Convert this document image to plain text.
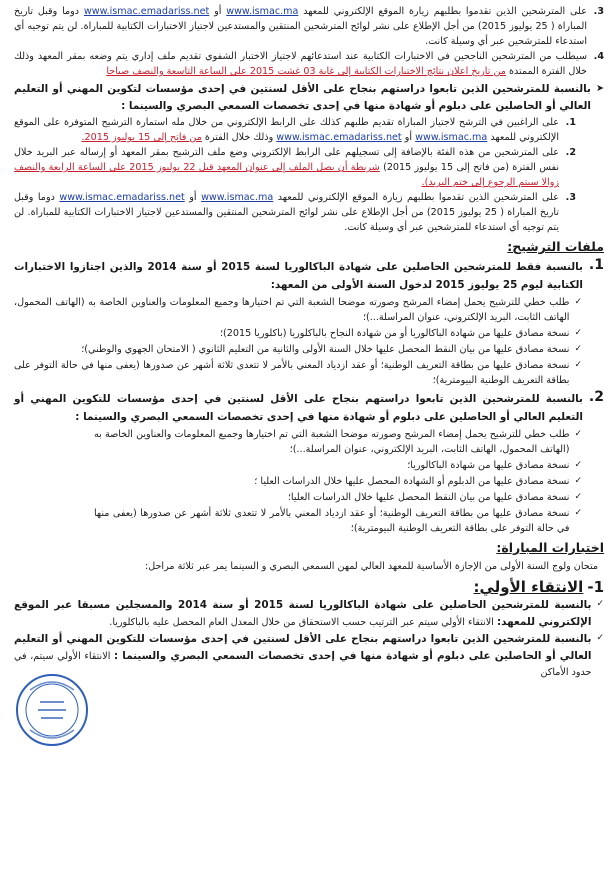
3.
على المترشحين الذين تقدموا بطلبهم زيارة الموقع الإلكتروني للمعهد www.ismac.ma أو www.ismac.emadariss.net دوما وقبل تاريخ المباراة ( 25 يوليوز 2015) من أجل الإطلاع على نشر لوائح المترشحين المنتقين والمستدعين لاجتياز الاختبارات الكتابية للمباراة. لن يتم توجيه أي استدعاء للمترشحين عبر أي وسيلة كانت.
4.
سيطلب من المترشحين الناجحين في الاختبارات الكتابية عند استدعائهم لاجتياز الاختبار الشفوي تقديم ملف إداري يتم وضعه بمقر المعهد وذلك خلال الفترة الممتدة من تاريخ اعلان نتائج الاختبارات الكتابية إلى غاية 03 غشت 2015 على الساعة التاسعة والنصف صباحا
➤
بالنسبة للمترشحين الذين تابعوا دراستهم بنجاح على الأقل لسنتين في إحدى مؤسسات لتكوين المهني أو التعليم العالي أو الحاصلين على دبلوم أو شهادة منها في إحدى تخصصات السمعي البصري والسينما :
1.
على الراغبين في الترشح لاجتياز المباراة تقديم طلبهم كذلك على الرابط الإلكتروني من خلال مله استمارة الترشيح المتوفرة على الموقع الإلكتروني للمعهد www.ismac.ma أو www.ismac.emadariss.net وذلك خلال الفترة من فاتح إلى 15 يوليوز 2015.
2.
على المترشحين من هذه الفئة بالإضافة إلى تسجيلهم على الرابط الإلكتروني وضع ملف الترشيح بمقر المعهد أو إرساله عبر البريد خلال نفس الفترة (من فاتح إلى 15 يوليوز 2015) شريطة أن يصل الملف إلى عنوان المعهد قبل 22 يوليوز 2015 على الساعة الرابعة والنصف زوالا سيتم الرجوع إلى ختم البريد).
3.
على المترشحين الذين تقدموا بطلبهم زيارة الموقع الإلكتروني للمعهد www.ismac.ma أو www.ismac.emadariss.net دوما وقبل تاريخ المباراة ( 25 يوليوز 2015) من أجل الإطلاع على نشر لوائح المترشحين المنتقين والمستدعين لاجتياز الاختبارات الكتابية للمباراة. لن يتم توجيه أي استدعاء للمترشحين عبر أي وسيلة كانت.
ملفات الترشيح:
1.
بالنسبة فقط للمترشحين الحاصلين على شهادة الباكالوريا لسنة 2015 أو سنة 2014 والذين اجتازوا الاختبارات الكتابية ليوم 25 يوليوز 2015 لدخول السنة الأولى من المعهد:
✓
طلب خطي للترشيح يحمل إمضاء المرشح وصورته موضحا الشعبة التي تم اختيارها وجميع المعلومات والعناوين الخاصة به (الهاتف المحمول، الهاتف الثابت، البريد الإلكتروني، عنوان المراسلة...)؛
✓
نسخة مصادق عليها من شهادة الباكالوريا أو من شهادة النجاح بالباكلوريا (باكلوريا 2015)؛
✓
نسخة مصادق عليها من بيان النقط المحصل عليها خلال السنة الأولى والثانية من التعليم الثانوي ( الامتحان الجهوي والوطني)؛
✓
نسخة مصادق عليها من بطاقة التعريف الوطنية؛ أو عقد ازدياد المعني بالأمر لا تتعدى ثلاثة أشهر عن صدورها (يعفى منها في حالة التوفر على بطاقة التعريف الوطنية البيومترية)؛
2.
بالنسبة للمترشحين الذين تابعوا دراستهم بنجاح على الأقل لسنتين في إحدى مؤسسات للتكوين المهني أو التعليم العالي أو الحاصلين على دبلوم أو شهادة منها في إحدى تخصصات السمعي البصري والسينما :
✓
طلب خطي للترشيح يحمل إمضاء المرشح وصورته موضحا الشعبة التي تم اختيارها وجميع المعلومات والعناوين الخاصة به (الهاتف المحمول، الهاتف الثابت، البريد الإلكتروني، عنوان المراسلة...)؛
✓
نسخة مصادق عليها من شهادة الباكالوريا؛
✓
نسخة مصادق عليها من الدبلوم أو الشهادة المحصل عليها خلال الدراسات العليا ؛
✓
نسخة مصادق عليها من بيان النقط المحصل عليها خلال الدراسات العليا؛
✓
نسخة مصادق عليها من بطاقة التعريف الوطنية؛ أو عقد ازدياد المعني بالأمر لا تتعدى ثلاثة أشهر عن صدورها (يعفى منها في حالة التوفر على بطاقة التعريف الوطنية البيومترية)؛
اختبارات المباراة:
متحان ولوج السنة الأولى من الإجازة الأساسية للمعهد العالي لمهن السمعي البصري و السينما يمر عبر ثلاثة مراحل:
1-
الانتقاء الأولي:
✓
بالنسبة للمترشحين الحاصلين على شهادة الباكالوريا لسنة 2015 أو سنة 2014 والمسجلين مسبقا عبر الموقع الإلكتروني للمعهد: الانتقاء الأولي سيتم عبر الترتيب حسب الاستحقاق من خلال المعدل العام المحصل عليه بالباكلوريا.
✓
بالنسبة للمترشحين الذين تابعوا دراستهم بنجاح على الأقل لسنتين في إحدى مؤسسات للتكوين المهني أو التعليم العالي أو الحاصلين على دبلوم أو شهادة منها في إحدى تخصصات السمعي البصري والسينما : الانتقاء الأولي سيتم، في حدود الأماكن
